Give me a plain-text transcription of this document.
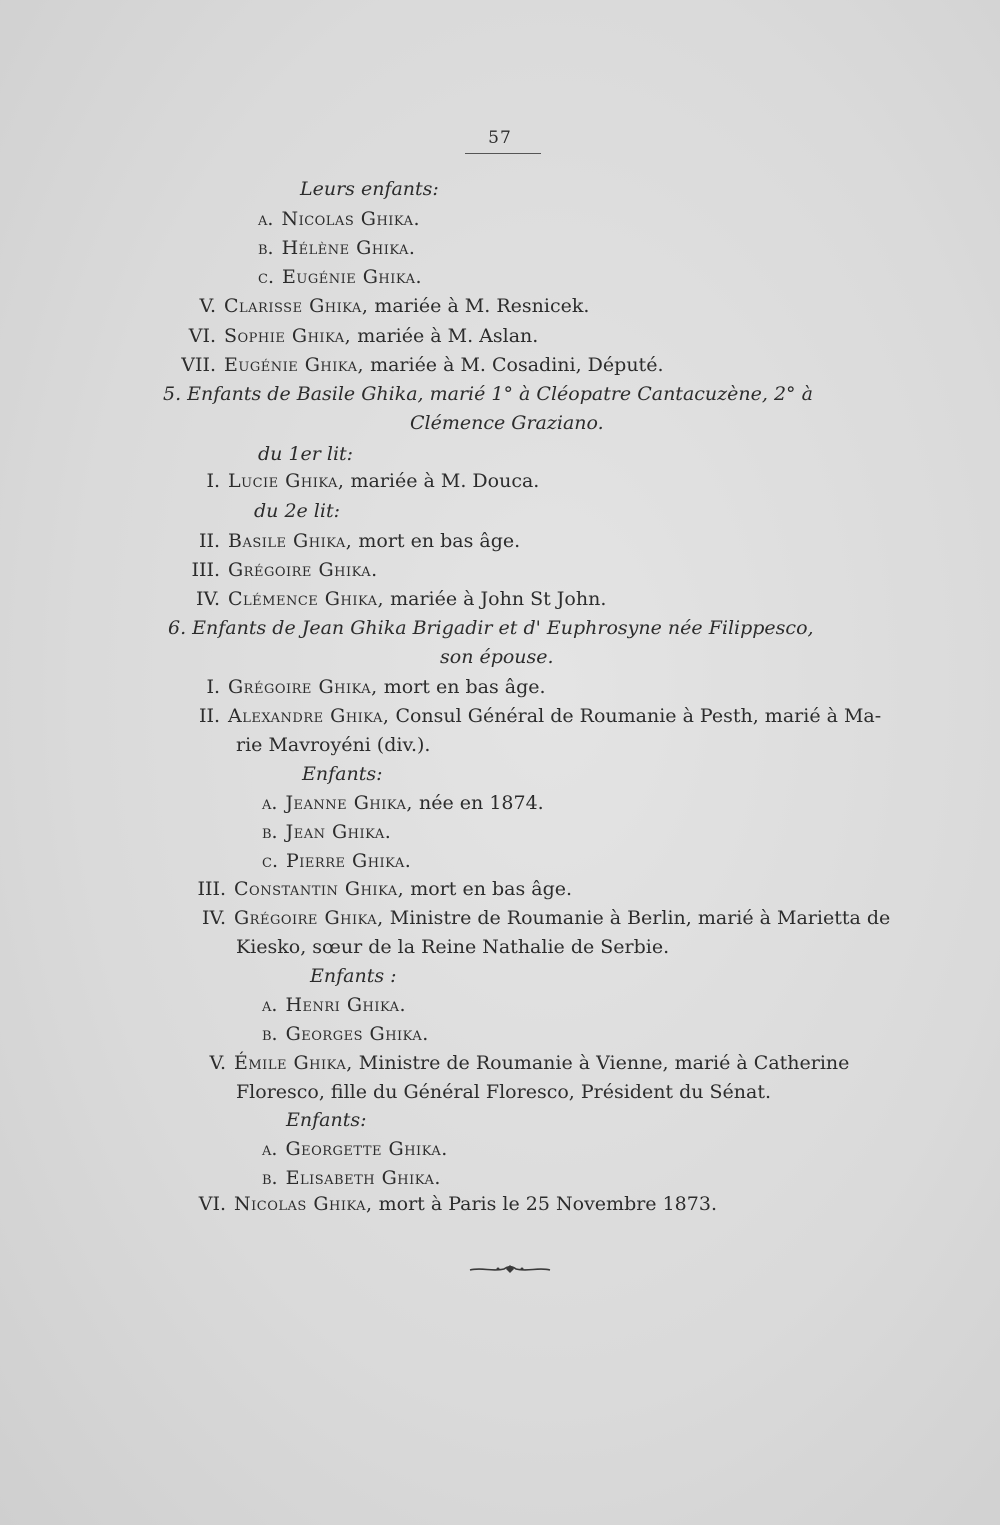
57
Leurs enfants:
a. Nicolas Ghika.
b. Hélène Ghika.
c. Eugénie Ghika.
V. Clarisse Ghika, mariée à M. Resnicek.
VI. Sophie Ghika, mariée à M. Aslan.
VII. Eugénie Ghika, mariée à M. Cosadini, Député.
5. Enfants de Basile Ghika, marié 1° à Cléopatre Cantacuzène, 2° à
Clémence Graziano.
du 1er lit:
I. Lucie Ghika, mariée à M. Douca.
du 2e lit:
II. Basile Ghika, mort en bas âge.
III. Grégoire Ghika.
IV. Clémence Ghika, mariée à John St John.
6. Enfants de Jean Ghika Brigadir et d' Euphrosyne née Filippesco,
son épouse.
I. Grégoire Ghika, mort en bas âge.
II. Alexandre Ghika, Consul Général de Roumanie à Pesth, marié à Ma-
rie Mavroyéni (div.).
Enfants:
a. Jeanne Ghika, née en 1874.
b. Jean Ghika.
c. Pierre Ghika.
III. Constantin Ghika, mort en bas âge.
IV. Grégoire Ghika, Ministre de Roumanie à Berlin, marié à Marietta de
Kiesko, sœur de la Reine Nathalie de Serbie.
Enfants :
a. Henri Ghika.
b. Georges Ghika.
V. Émile Ghika, Ministre de Roumanie à Vienne, marié à Catherine
Floresco, fille du Général Floresco, Président du Sénat.
Enfants:
a. Georgette Ghika.
b. Elisabeth Ghika.
VI. Nicolas Ghika, mort à Paris le 25 Novembre 1873.
